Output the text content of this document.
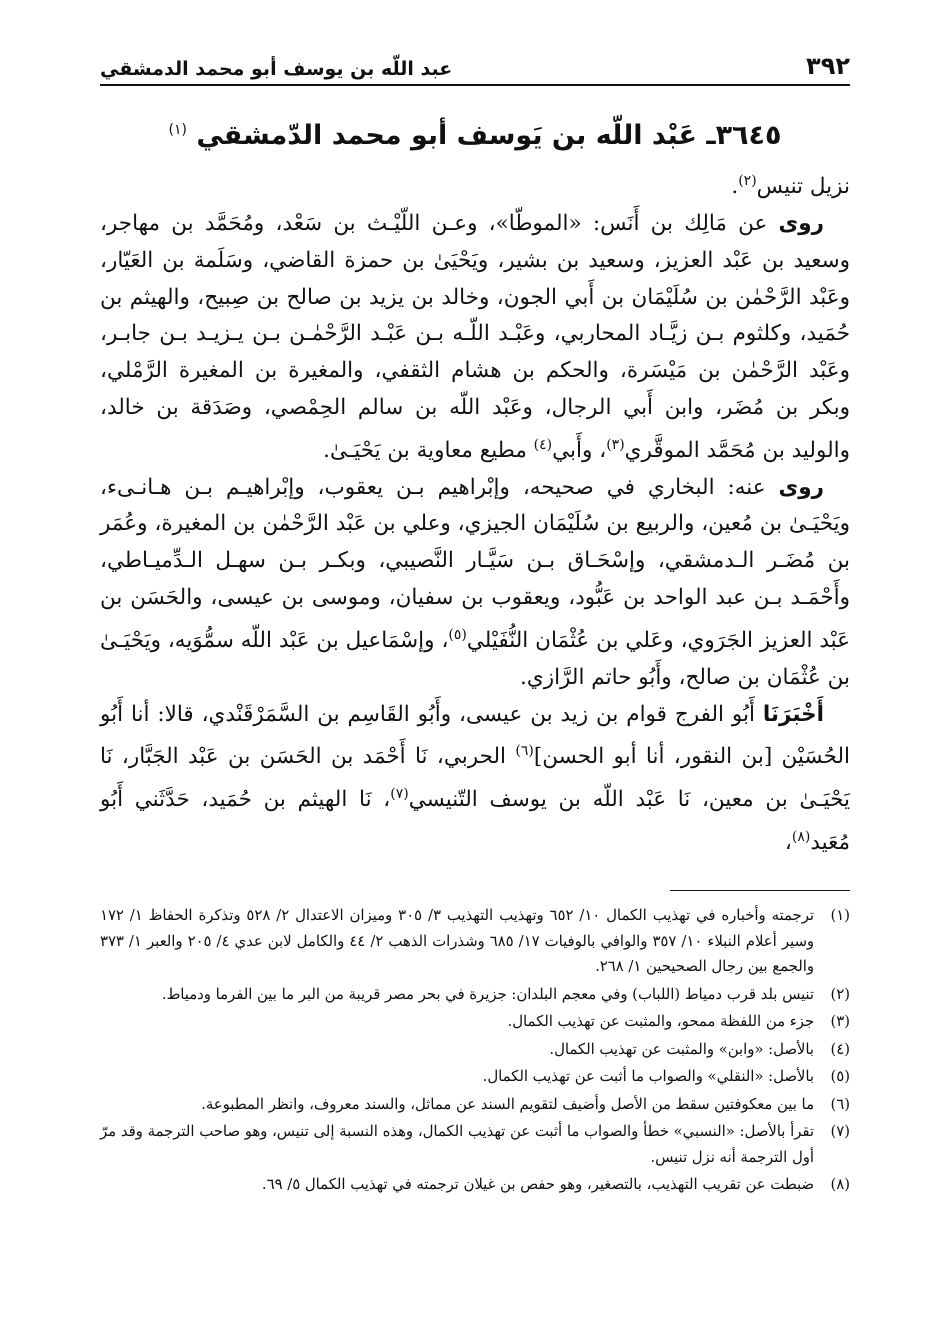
٣٩٢
عبد اللّه بن يوسف أبو محمد الدمشقي
٣٦٤٥ـ عَبْد اللّه بن يَوسف أبو محمد الدّمشقي $^{(١)}$

نزيل تنيس$^{(٢)}$.

روى عن مَالِك بن أَنَس: «الموطّا»، وعـن اللّيْـث بن سَعْد، ومُحَمَّد بن مهاجر، وسعيد بن عَبْد العزيز، وسعيد بن بشير، ويَحْيَىٰ بن حمزة القاضي، وسَلَمة بن العَيّار، وعَبْد الرَّحْمٰن بن سُلَيْمَان بن أَبي الجون، وخالد بن يزيد بن صالح بن صِبيح، والهيثم بن حُمَيد، وكلثوم بـن زيَّـاد المحاربي، وعَبْـد اللّـه بـن عَبْـد الرَّحْمٰـن بـن يـزيـد بـن جابـر، وعَبْد الرَّحْمٰن بن مَيْسَرة، والحكم بن هشام الثقفي، والمغيرة بن المغيرة الرَّمْلي، وبكر بن مُضَر، وابن أَبي الرجال، وعَبْد اللّه بن سالم الحِمْصي، وصَدَقة بن خالد، والوليد بن مُحَمَّد الموقَّري$^{(٣)}$، وأَبي$^{(٤)}$ مطيع معاوية بن يَحْيَـىٰ.

روى عنه: البخاري في صحيحه، وإبْراهيم بـن يعقوب، وإبْراهيـم بـن هـانـىء، ويَحْيَـىٰ بن مُعين، والربيع بن سُلَيْمَان الجيزي، وعلي بن عَبْد الرَّحْمٰن بن المغيرة، وعُمَر بن مُضَـر الـدمشقي، وإسْحَـاق بـن سَيَّـار النَّصيبي، وبكـر بـن سهـل الـدِّميـاطي، وأَحْمَـد بـن عبد الواحد بن عَبُّود، ويعقوب بن سفيان، وموسى بن عيسى، والحَسَن بن عَبْد العزيز الجَرَوي، وعَلي بن عُثْمَان النُّفَيْلي$^{(٥)}$، وإسْمَاعيل بن عَبْد اللّه سمُّوَيه، ويَحْيَـىٰ بن عُثْمَان بن صالح، وأَبُو حاتم الرَّازي.

أَخْبَرَنَا أَبُو الفرج قوام بن زيد بن عيسى، وأَبُو القَاسِم بن السَّمَرْقَنْدي، قالا: أنا أَبُو الحُسَيْن [بن النقور، أنا أبو الحسن]$^{(٦)}$ الحربي، نَا أَحْمَد بن الحَسَن بن عَبْد الجَبَّار، نَا يَحْيَـىٰ بن معين، نَا عَبْد اللّه بن يوسف التّنيسي$^{(٧)}$، نَا الهيثم بن حُمَيد، حَدَّثَني أَبُو مُعَيد$^{(٨)}$،

(١)
ترجمته وأخباره في تهذيب الكمال ١٠/ ٦٥٢ وتهذيب التهذيب ٣/ ٣٠٥ وميزان الاعتدال ٢/ ٥٢٨ وتذكرة الحفاظ ١/ ١٧٢ وسير أعلام النبلاء ١٠/ ٣٥٧ والوافي بالوفيات ١٧/ ٦٨٥ وشذرات الذهب ٢/ ٤٤ والكامل لابن عدي ٤/ ٢٠٥ والعبر ١/ ٣٧٣ والجمع بين رجال الصحيحين ١/ ٢٦٨.
(٢)
تنيس بلد قرب دمياط (اللباب) وفي معجم البلدان: جزيرة في بحر مصر قريبة من البر ما بين الفرما ودمياط.
(٣)
جزء من اللفظة ممحو، والمثبت عن تهذيب الكمال.
(٤)
بالأصل: «وابن» والمثبت عن تهذيب الكمال.
(٥)
بالأصل: «النقلي» والصواب ما أثبت عن تهذيب الكمال.
(٦)
ما بين معكوفتين سقط من الأصل وأضيف لتقويم السند عن مماثل، والسند معروف، وانظر المطبوعة.
(٧)
تقرأ بالأصل: «النسبي» خطأ والصواب ما أثبت عن تهذيب الكمال، وهذه النسبة إلى تنيس، وهو صاحب الترجمة وقد مرّ أول الترجمة أنه نزل تنيس.
(٨)
ضبطت عن تقريب التهذيب، بالتصغير، وهو حفص بن غيلان ترجمته في تهذيب الكمال ٥/ ٦٩.
